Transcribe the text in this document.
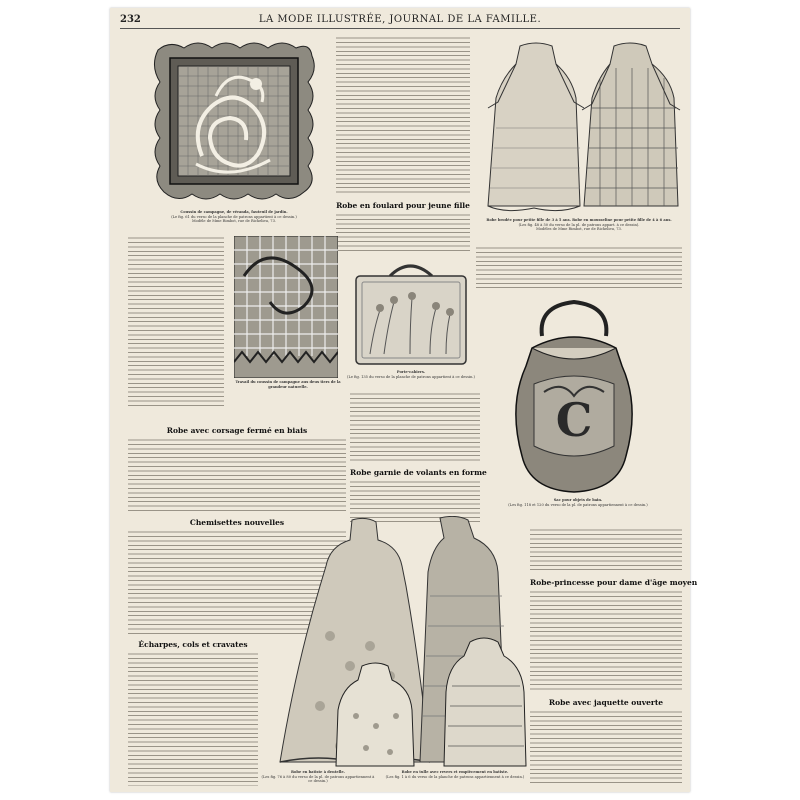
232	LA MODE ILLUSTRÉE, JOURNAL DE LA FAMILLE.
Coussin de campagne, de véranda, fauteuil de jardin.
(Le fig. 61 du verso de la planche de patrons appartient à ce dessin.)
Modèle de Mme Rimbot, rue de Richelieu, 73.
Robe en foulard pour jeune fille
Robe brodée pour petite fille de 3 à 5 ans. Robe en mousseline pour petite fille de 4 à 6 ans.
(Les fig. 48 à 50 du verso de la pl. de patrons appart. à ce dessin).
Modèles de Mme Rimbot, rue de Richelieu, 73.
Travail du coussin de campagne aux deux tiers de la grandeur naturelle.
Porte-cahiers.
(Le fig. 135 du verso de la planche de patrons appartient à ce dessin.)
C
Sac pour objets de bain.
(Les fig. 118 et 120 du verso de la pl. de patrons appartiennent à ce dessin.)
Robe avec corsage fermé en biais
Robe garnie de volants en forme
Chemisettes nouvelles
Robe-princesse pour dame d'âge moyen
Robe avec jaquette ouverte
Écharpes, cols et cravates
Robe en batiste à dentelle.
(Les fig. 76 à 80 du verso de la pl. de patrons appartiennent à ce dessin.)
Robe en tulle avec revers et empiècement en batiste.
(Les fig. 1 à 6 du verso de la planche de patrons appartiennent à ce dessin.)
